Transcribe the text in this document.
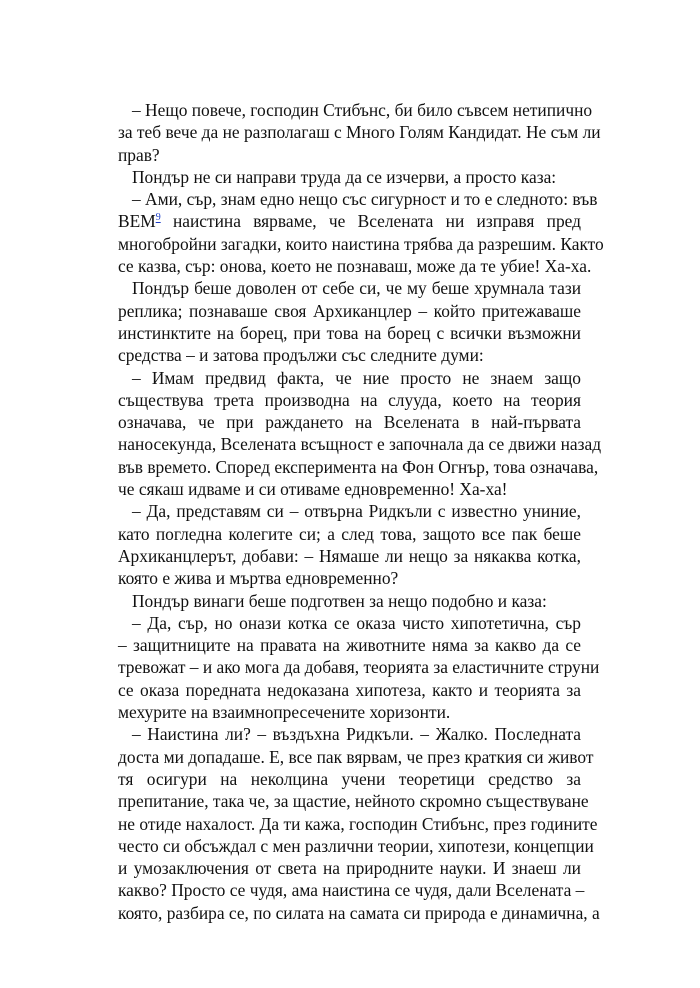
– Нещо повече, господин Стибънс, би било съвсем нетипично
за теб вече да не разполагаш с Много Голям Кандидат. Не съм ли
прав?
Пондър не си направи труда да се изчерви, а просто каза:
– Ами, сър, знам едно нещо със сигурност и то е следното: във
ВЕМ$^9$ наистина вярваме, че Вселената ни изправя пред
многобройни загадки, които наистина трябва да разрешим. Както
се казва, сър: онова, което не познаваш, може да те убие! Ха-ха.
Пондър беше доволен от себе си, че му беше хрумнала тази
реплика; познаваше своя Архиканцлер – който притежаваше
инстинктите на борец, при това на борец с всички възможни
средства – и затова продължи със следните думи:
– Имам предвид факта, че ние просто не знаем защо
съществува трета производна на слууда, което на теория
означава, че при раждането на Вселената в най-първата
наносекунда, Вселената всъщност е започнала да се движи назад
във времето. Според експеримента на Фон Огнър, това означава,
че сякаш идваме и си отиваме едновременно! Ха-ха!
– Да, представям си – отвърна Ридкъли с известно униние,
като погледна колегите си; а след това, защото все пак беше
Архиканцлерът, добави: – Нямаше ли нещо за някаква котка,
която е жива и мъртва едновременно?
Пондър винаги беше подготвен за нещо подобно и каза:
– Да, сър, но онази котка се оказа чисто хипотетична, сър
– защитниците на правата на животните няма за какво да се
тревожат – и ако мога да добавя, теорията за еластичните струни
се оказа поредната недоказана хипотеза, както и теорията за
мехурите на взаимнопресечените хоризонти.
– Наистина ли? – въздъхна Ридкъли. – Жалко. Последната
доста ми допадаше. Е, все пак вярвам, че през краткия си живот
тя осигури на неколцина учени теоретици средство за
препитание, така че, за щастие, нейното скромно съществуване
не отиде нахалост. Да ти кажа, господин Стибънс, през годините
често си обсъждал с мен различни теории, хипотези, концепции
и умозаключения от света на природните науки. И знаеш ли
какво? Просто се чудя, ама наистина се чудя, дали Вселената –
която, разбира се, по силата на самата си природа е динамична, а
